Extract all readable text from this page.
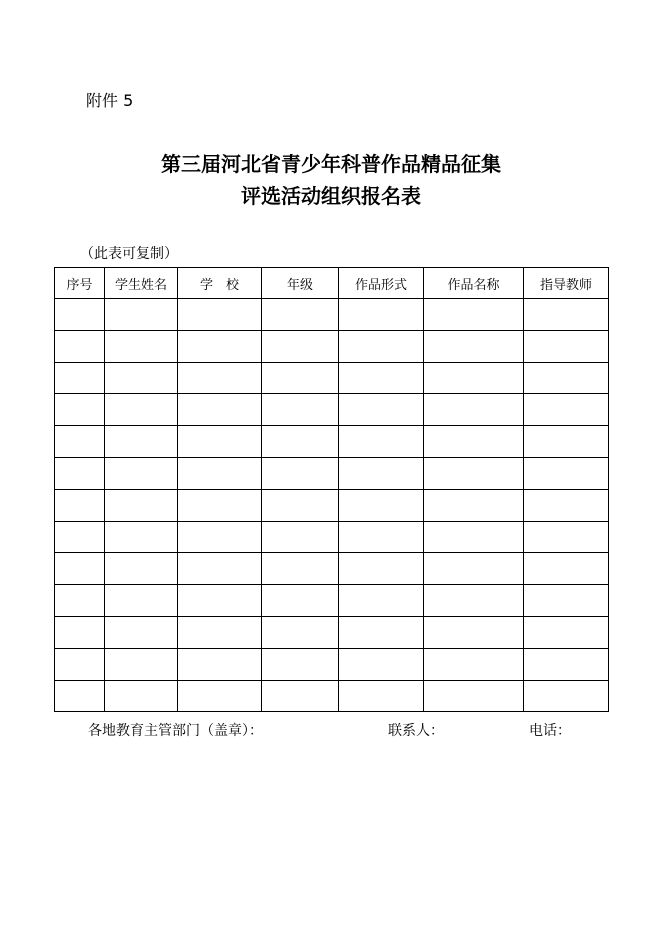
附件 5
第三届河北省青少年科普作品精品征集
评选活动组织报名表
（此表可复制）
序号	学生姓名	学　校	年级	作品形式	作品名称	指导教师

各地教育主管部门（盖章）：	联系人：	电话：
